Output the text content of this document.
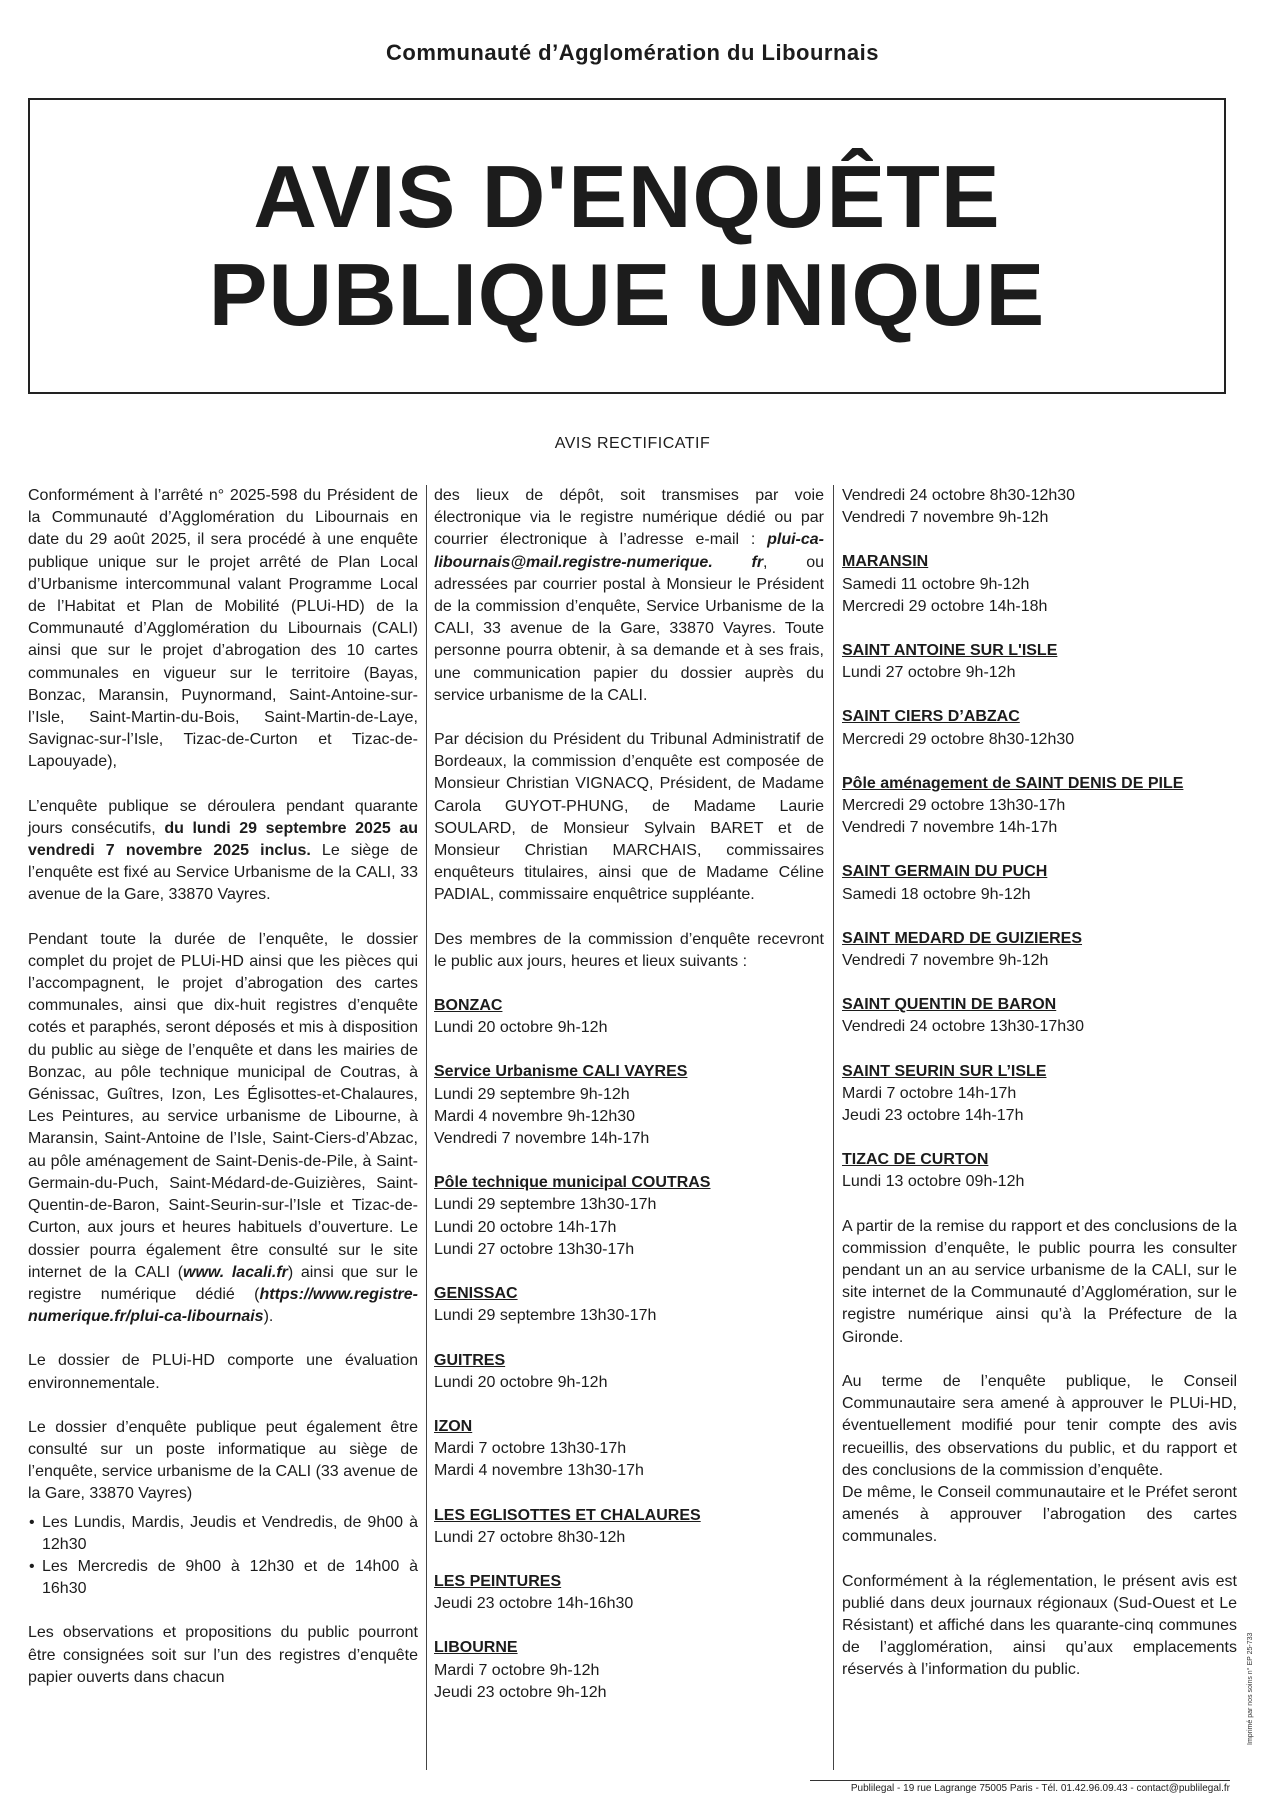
Communauté d’Agglomération du Libournais
AVIS D'ENQUÊTE
PUBLIQUE UNIQUE
AVIS RECTIFICATIF

Conformément à l’arrêté n° 2025-598 du Président de la Communauté d’Agglomération du Libournais en date du 29 août 2025, il sera procédé à une enquête publique unique sur le projet arrêté de Plan Local d’Urbanisme intercommunal valant Programme Local de l’Habitat et Plan de Mobilité (PLUi-HD) de la Communauté d’Agglomération du Libournais (CALI) ainsi que sur le projet d’abrogation des 10 cartes communales en vigueur sur le territoire (Bayas, Bonzac, Maransin, Puynormand, Saint-Antoine-sur-l’Isle, Saint-Martin-du-Bois, Saint-Martin-de-Laye, Savignac-sur-l’Isle, Tizac-de-Curton et Tizac-de-Lapouyade),

L’enquête publique se déroulera pendant quarante jours consécutifs, du lundi 29 septembre 2025 au vendredi 7 novembre 2025 inclus. Le siège de l’enquête est fixé au Service Urbanisme de la CALI, 33 avenue de la Gare, 33870 Vayres.

Pendant toute la durée de l’enquête, le dossier complet du projet de PLUi-HD ainsi que les pièces qui l’accompagnent, le projet d’abrogation des cartes communales, ainsi que dix-huit registres d’enquête cotés et paraphés, seront déposés et mis à disposition du public au siège de l’enquête et dans les mairies de Bonzac, au pôle technique municipal de Coutras, à Génissac, Guîtres, Izon, Les Églisottes-et-Chalaures, Les Peintures, au service urbanisme de Libourne, à Maransin, Saint-Antoine de l’Isle, Saint-Ciers-d’Abzac, au pôle aménagement de Saint-Denis-de-Pile, à Saint-Germain-du-Puch, Saint-Médard-de-Guizières, Saint-Quentin-de-Baron, Saint-Seurin-sur-l’Isle et Tizac-de-Curton, aux jours et heures habituels d’ouverture. Le dossier pourra également être consulté sur le site internet de la CALI (www. lacali.fr) ainsi que sur le registre numérique dédié (https://www.registre-numerique.fr/plui-ca-libournais).

Le dossier de PLUi-HD comporte une évaluation environnementale.

Le dossier d’enquête publique peut également être consulté sur un poste informatique au siège de l’enquête, service urbanisme de la CALI (33 avenue de la Gare, 33870 Vayres)

• Les Lundis, Mardis, Jeudis et Vendredis, de 9h00 à 12h30
• Les Mercredis de 9h00 à 12h30 et de 14h00 à 16h30

Les observations et propositions du public pourront être consignées soit sur l’un des registres d’enquête papier ouverts dans chacun

des lieux de dépôt, soit transmises par voie électronique via le registre numérique dédié ou par courrier électronique à l’adresse e-mail : plui-ca-libournais@mail.registre-numerique. fr, ou adressées par courrier postal à Monsieur le Président de la commission d’enquête, Service Urbanisme de la CALI, 33 avenue de la Gare, 33870 Vayres. Toute personne pourra obtenir, à sa demande et à ses frais, une communication papier du dossier auprès du service urbanisme de la CALI.

Par décision du Président du Tribunal Administratif de Bordeaux, la commission d’enquête est composée de Monsieur Christian VIGNACQ, Président, de Madame Carola GUYOT-PHUNG, de Madame Laurie SOULARD, de Monsieur Sylvain BARET et de Monsieur Christian MARCHAIS, commissaires enquêteurs titulaires, ainsi que de Madame Céline PADIAL, commissaire enquêtrice suppléante.

Des membres de la commission d’enquête recevront le public aux jours, heures et lieux suivants :

BONZAC
Lundi 20 octobre 9h-12h
Service Urbanisme CALI VAYRES
Lundi 29 septembre 9h-12h
Mardi 4 novembre 9h-12h30
Vendredi 7 novembre 14h-17h
Pôle technique municipal COUTRAS
Lundi 29 septembre 13h30-17h
Lundi 20 octobre 14h-17h
Lundi 27 octobre 13h30-17h
GENISSAC
Lundi 29 septembre 13h30-17h
GUITRES
Lundi 20 octobre 9h-12h
IZON
Mardi 7 octobre 13h30-17h
Mardi 4 novembre 13h30-17h
LES EGLISOTTES ET CHALAURES
Lundi 27 octobre 8h30-12h
LES PEINTURES
Jeudi 23 octobre 14h-16h30
LIBOURNE
Mardi 7 octobre 9h-12h
Jeudi 23 octobre 9h-12h
Vendredi 24 octobre 8h30-12h30
Vendredi 7 novembre 9h-12h
MARANSIN
Samedi 11 octobre 9h-12h
Mercredi 29 octobre 14h-18h
SAINT ANTOINE SUR L'ISLE
Lundi 27 octobre 9h-12h
SAINT CIERS D’ABZAC
Mercredi 29 octobre 8h30-12h30
Pôle aménagement de SAINT DENIS DE PILE
Mercredi 29 octobre 13h30-17h
Vendredi 7 novembre 14h-17h
SAINT GERMAIN DU PUCH
Samedi 18 octobre 9h-12h
SAINT MEDARD DE GUIZIERES
Vendredi 7 novembre 9h-12h
SAINT QUENTIN DE BARON
Vendredi 24 octobre 13h30-17h30
SAINT SEURIN SUR L’ISLE
Mardi 7 octobre 14h-17h
Jeudi 23 octobre 14h-17h
TIZAC DE CURTON
Lundi 13 octobre 09h-12h

A partir de la remise du rapport et des conclusions de la commission d’enquête, le public pourra les consulter pendant un an au service urbanisme de la CALI, sur le site internet de la Communauté d’Agglomération, sur le registre numérique ainsi qu’à la Préfecture de la Gironde.

Au terme de l’enquête publique, le Conseil Communautaire sera amené à approuver le PLUi-HD, éventuellement modifié pour tenir compte des avis recueillis, des observations du public, et du rapport et des conclusions de la commission d’enquête.
De même, le Conseil communautaire et le Préfet seront amenés à approuver l’abrogation des cartes communales.

Conformément à la réglementation, le présent avis est publié dans deux journaux régionaux (Sud-Ouest et Le Résistant) et affiché dans les quarante-cinq communes de l’agglomération, ainsi qu’aux emplacements réservés à l’information du public.

Publilegal - 19 rue Lagrange 75005 Paris - Tél. 01.42.96.09.43 - contact@publilegal.fr
Imprimé par nos soins n° EP 25-733
